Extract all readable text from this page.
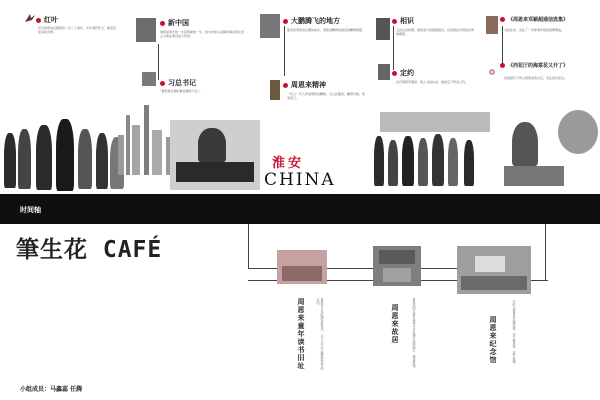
红叶
纪念周恩来总理诞辰一百二十周年，红叶寄托怀念，淮安处处是故乡情。
新中国
周恩来同志的一生是辉煌的一生，他为中国人民解放事业和社会主义事业建设奋斗终身。
习总书记
“要把周总理的事业继续下去。”
大鹏腾飞的地方
淮安是周恩来总理的故乡，周恩来精神是淮安的精神财富。
周恩来精神
一代又一代人传承周恩来精神，为人民服务，鞠躬尽瘁，死而后已。
相识
五四运动时期，周恩来与邓颖超相识，在觉悟社共同追求革命理想。
定约
在巴黎留学期间，两人书信往来，彼此定下终身之约。
《周恩来邓颖超通信选集》
书信往来，见证了一对革命伴侣的深厚情谊。
《西花厅的海棠花又开了》
邓颖超写下怀念周恩来的文章，表达深切思念。
淮安
CHINA
时间轴
筆生花 CAFÉ
周恩来童年读书旧址	周恩来少年时期在此读书，立下为中华之崛起而读书的志向。
周恩来故居	周恩来同志诞生和青少年时期生活的地方，保留原貌。	周恩来纪念馆	为纪念周恩来总理而建，位于桃花垠，庄严肃穆。
小组成员：马鑫蕊 任腾
